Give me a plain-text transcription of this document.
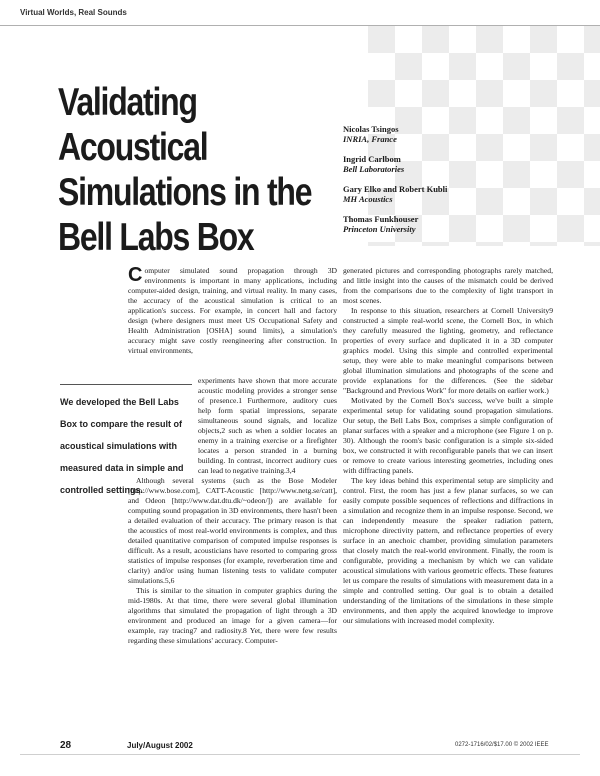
Virtual Worlds, Real Sounds
Validating
Acoustical
Simulations in the
Bell Labs Box
Nicolas Tsingos
INRIA, France
Ingrid Carlbom
Bell Laboratories
Gary Elko and Robert Kubli
MH Acoustics
Thomas Funkhouser
Princeton University

Computer simulated sound propagation through 3D environments is important in many applications, including computer-aided design, training, and virtual reality. In many cases, the accuracy of the acoustical simulation is critical to an application's success. For example, in concert hall and factory design (where designers must meet US Occupational Safety and Health Administration [OSHA] sound limits), a simulation's accuracy might save costly reengineering after construction. In virtual environments,

experiments have shown that more accurate acoustic modeling provides a stronger sense of presence.1 Furthermore, auditory cues help form spatial impressions, separate simultaneous sound signals, and localize objects,2 such as when a soldier locates an enemy in a training exercise or a firefighter locates a person stranded in a burning building. In contrast, incorrect auditory cues can lead to negative training.3,4

We developed the Bell Labs Box to compare the result of acoustical simulations with measured data in simple and controlled settings.

Although several systems (such as the Bose Modeler [http://www.bose.com], CATT-Acoustic [http://www.netg.se/catt], and Odeon [http://www.dat.dtu.dk/~odeon/]) are available for computing sound propagation in 3D environments, there hasn't been a detailed evaluation of their accuracy. The primary reason is that the acoustics of most real-world environments is complex, and thus detailed quantitative comparison of computed impulse responses is difficult. As a result, acousticians have resorted to comparing gross statistics of impulse responses (for example, reverberation time and clarity) and/or using human listening tests to validate computer simulations.5,6

This is similar to the situation in computer graphics during the mid-1980s. At that time, there were several global illumination algorithms that simulated the propagation of light through a 3D environment and produced an image for a given camera—for example, ray tracing7 and radiosity.8 Yet, there were few results regarding these simulations' accuracy. Computer-

generated pictures and corresponding photographs rarely matched, and little insight into the causes of the mismatch could be derived from the comparisons due to the complexity of light transport in most scenes.

In response to this situation, researchers at Cornell University9 constructed a simple real-world scene, the Cornell Box, in which they carefully measured the lighting, geometry, and reflectance properties of every surface and duplicated it in a 3D computer graphics model. Using this simple and controlled experimental setup, they were able to make meaningful comparisons between global illumination simulations and photographs of the scene and provide explanations for the differences. (See the sidebar "Background and Previous Work" for more details on earlier work.)

Motivated by the Cornell Box's success, we've built a simple experimental setup for validating sound propagation simulations. Our setup, the Bell Labs Box, comprises a simple configuration of planar surfaces with a speaker and a microphone (see Figure 1 on p. 30). Although the room's basic configuration is a simple six-sided box, we constructed it with reconfigurable panels that we can insert or remove to create various interesting geometries, including ones with diffracting panels.

The key ideas behind this experimental setup are simplicity and control. First, the room has just a few planar surfaces, so we can easily compute possible sequences of reflections and diffractions in a simulation and recognize them in an impulse response. Second, we can independently measure the speaker radiation pattern, microphone directivity pattern, and reflectance properties of every surface in an anechoic chamber, providing simulation parameters that closely match the real-world environment. Finally, the room is configurable, providing a mechanism by which we can validate acoustical simulations with various geometric effects. These features let us compare the results of simulations with measurement data in a simple and controlled setting. Our goal is to obtain a detailed understanding of the limitations of the simulations in these simple environments, and then apply the acquired knowledge to improve our simulations with increased model complexity.

28	July/August 2002	0272-1716/02/$17.00 © 2002 IEEE
